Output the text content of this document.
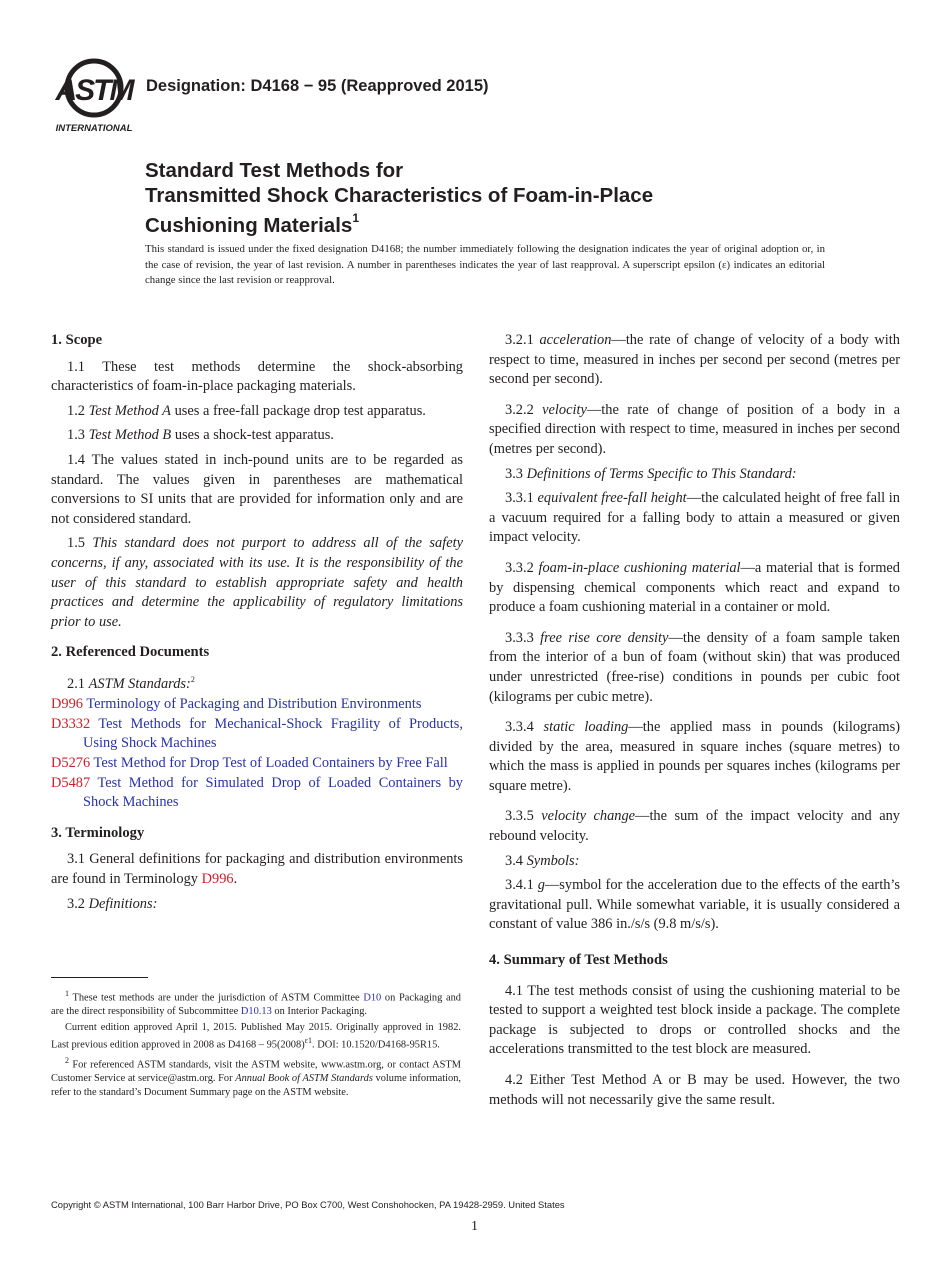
ASTM
INTERNATIONAL
Designation: D4168 − 95 (Reapproved 2015)
Standard Test Methods for
Transmitted Shock Characteristics of Foam-in-Place
Cushioning Materials$^1$
This standard is issued under the fixed designation D4168; the number immediately following the designation indicates the year of original adoption or, in the case of revision, the year of last revision. A number in parentheses indicates the year of last reapproval. A superscript epsilon (ε) indicates an editorial change since the last revision or reapproval.
1. Scope

1.1 These test methods determine the shock-absorbing characteristics of foam-in-place packaging materials.

1.2 Test Method A uses a free-fall package drop test apparatus.

1.3 Test Method B uses a shock-test apparatus.

1.4 The values stated in inch-pound units are to be regarded as standard. The values given in parentheses are mathematical conversions to SI units that are provided for information only and are not considered standard.

1.5 This standard does not purport to address all of the safety concerns, if any, associated with its use. It is the responsibility of the user of this standard to establish appropriate safety and health practices and determine the applicability of regulatory limitations prior to use.

2. Referenced Documents

2.1 ASTM Standards:$^2$

D996 Terminology of Packaging and Distribution Environments
D3332 Test Methods for Mechanical-Shock Fragility of Products, Using Shock Machines
D5276 Test Method for Drop Test of Loaded Containers by Free Fall
D5487 Test Method for Simulated Drop of Loaded Containers by Shock Machines
3. Terminology

3.1 General definitions for packaging and distribution environments are found in Terminology D996.

3.2 Definitions:

$^1$ These test methods are under the jurisdiction of ASTM Committee D10 on Packaging and are the direct responsibility of Subcommittee D10.13 on Interior Packaging.

Current edition approved April 1, 2015. Published May 2015. Originally approved in 1982. Last previous edition approved in 2008 as $D4168 - 95(2008)^{\varepsilon 1}$. DOI: 10.1520/D4168-95R15.

$^2$ For referenced ASTM standards, visit the ASTM website, www.astm.org, or contact ASTM Customer Service at service@astm.org. For Annual Book of ASTM Standards volume information, refer to the standard’s Document Summary page on the ASTM website.

3.2.1 acceleration—the rate of change of velocity of a body with respect to time, measured in inches per second per second (metres per second per second).

3.2.2 velocity—the rate of change of position of a body in a specified direction with respect to time, measured in inches per second (metres per second).

3.3 Definitions of Terms Specific to This Standard:

3.3.1 equivalent free-fall height—the calculated height of free fall in a vacuum required for a falling body to attain a measured or given impact velocity.

3.3.2 foam-in-place cushioning material—a material that is formed by dispensing chemical components which react and expand to produce a foam cushioning material in a container or mold.

3.3.3 free rise core density—the density of a foam sample taken from the interior of a bun of foam (without skin) that was produced under unrestricted (free-rise) conditions in pounds per cubic foot (kilograms per cubic metre).

3.3.4 static loading—the applied mass in pounds (kilograms) divided by the area, measured in square inches (square metres) to which the mass is applied in pounds per squares inches (kilograms per square metre).

3.3.5 velocity change—the sum of the impact velocity and any rebound velocity.

3.4 Symbols:

3.4.1 g—symbol for the acceleration due to the effects of the earth’s gravitational pull. While somewhat variable, it is usually considered a constant of value 386 in./s/s (9.8 m/s/s).

4. Summary of Test Methods

4.1 The test methods consist of using the cushioning material to be tested to support a weighted test block inside a package. The complete package is subjected to drops or controlled shocks and the accelerations transmitted to the test block are measured.

4.2 Either Test Method A or B may be used. However, the two methods will not necessarily give the same result.

Copyright © ASTM International, 100 Barr Harbor Drive, PO Box C700, West Conshohocken, PA 19428-2959. United States
1
